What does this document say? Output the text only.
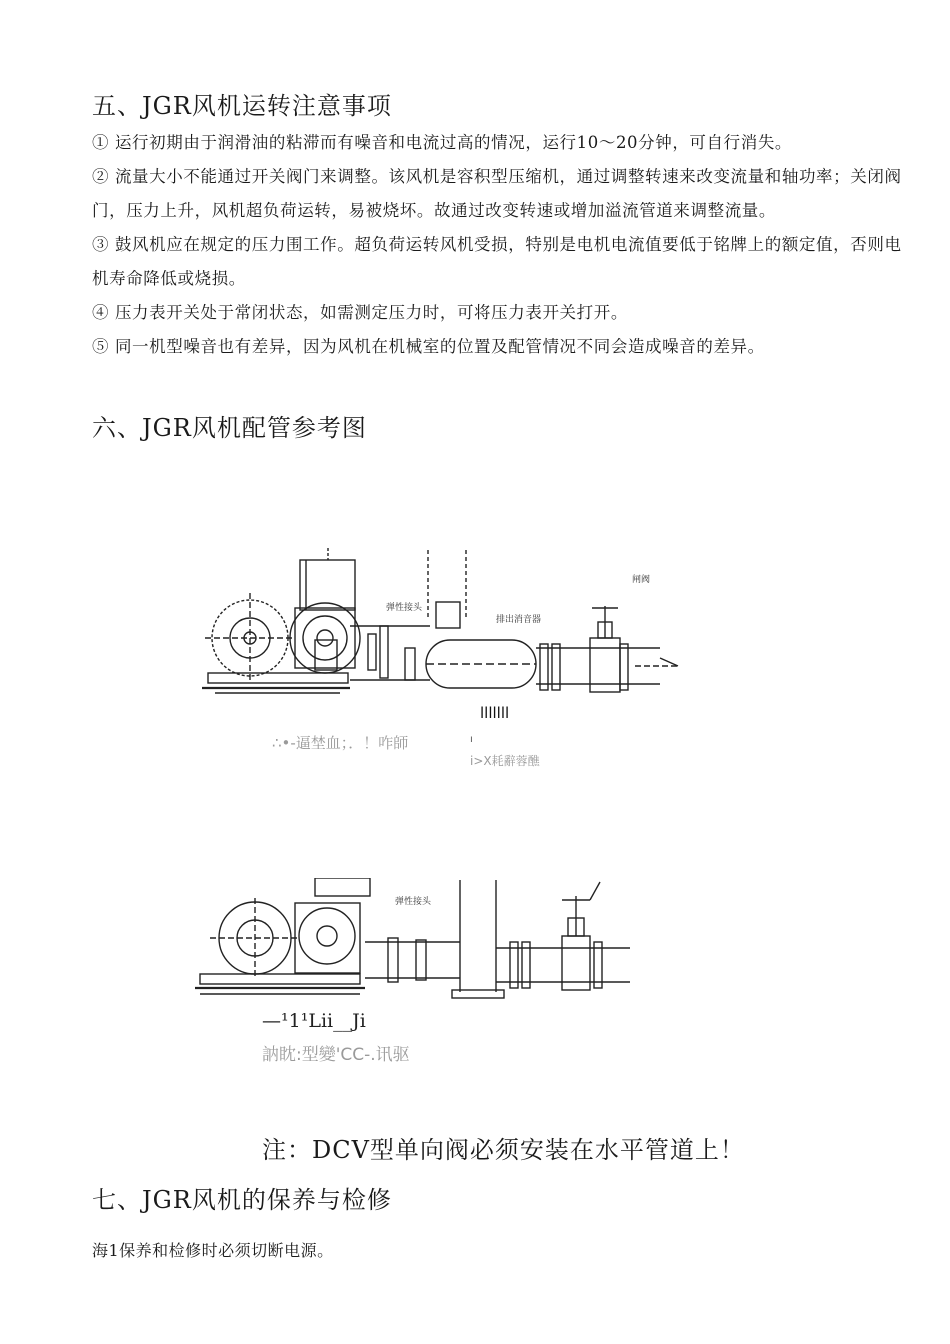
五、JGR风机运转注意事项
① 运行初期由于润滑油的粘滞而有噪音和电流过高的情况，运行10～20分钟，可自行消失。
② 流量大小不能通过开关阀门来调整。该风机是容积型压缩机，通过调整转速来改变流量和轴功率；关闭阀门，压力上升，风机超负荷运转，易被烧坏。故通过改变转速或增加溢流管道来调整流量。
③ 鼓风机应在规定的压力围工作。超负荷运转风机受损，特别是电机电流值要低于铭牌上的额定值，否则电机寿命降低或烧损。
④ 压力表开关处于常闭状态，如需测定压力时，可将压力表开关打开。
⑤ 同一机型噪音也有差异，因为风机在机械室的位置及配管情况不同会造成噪音的差异。
六、JGR风机配管参考图
弹性接头
排出消音器
闸阀
lllllll
∴•-逼埜血；．！咋師	ı
i>X耗辭蓉醮
弹性接头
—¹1¹Lii__Ji
訥眈:型變'CC-.讯驱
注：DCV型单向阀必须安装在水平管道上！
七、JGR风机的保养与检修
海1保养和检修时必须切断电源。
